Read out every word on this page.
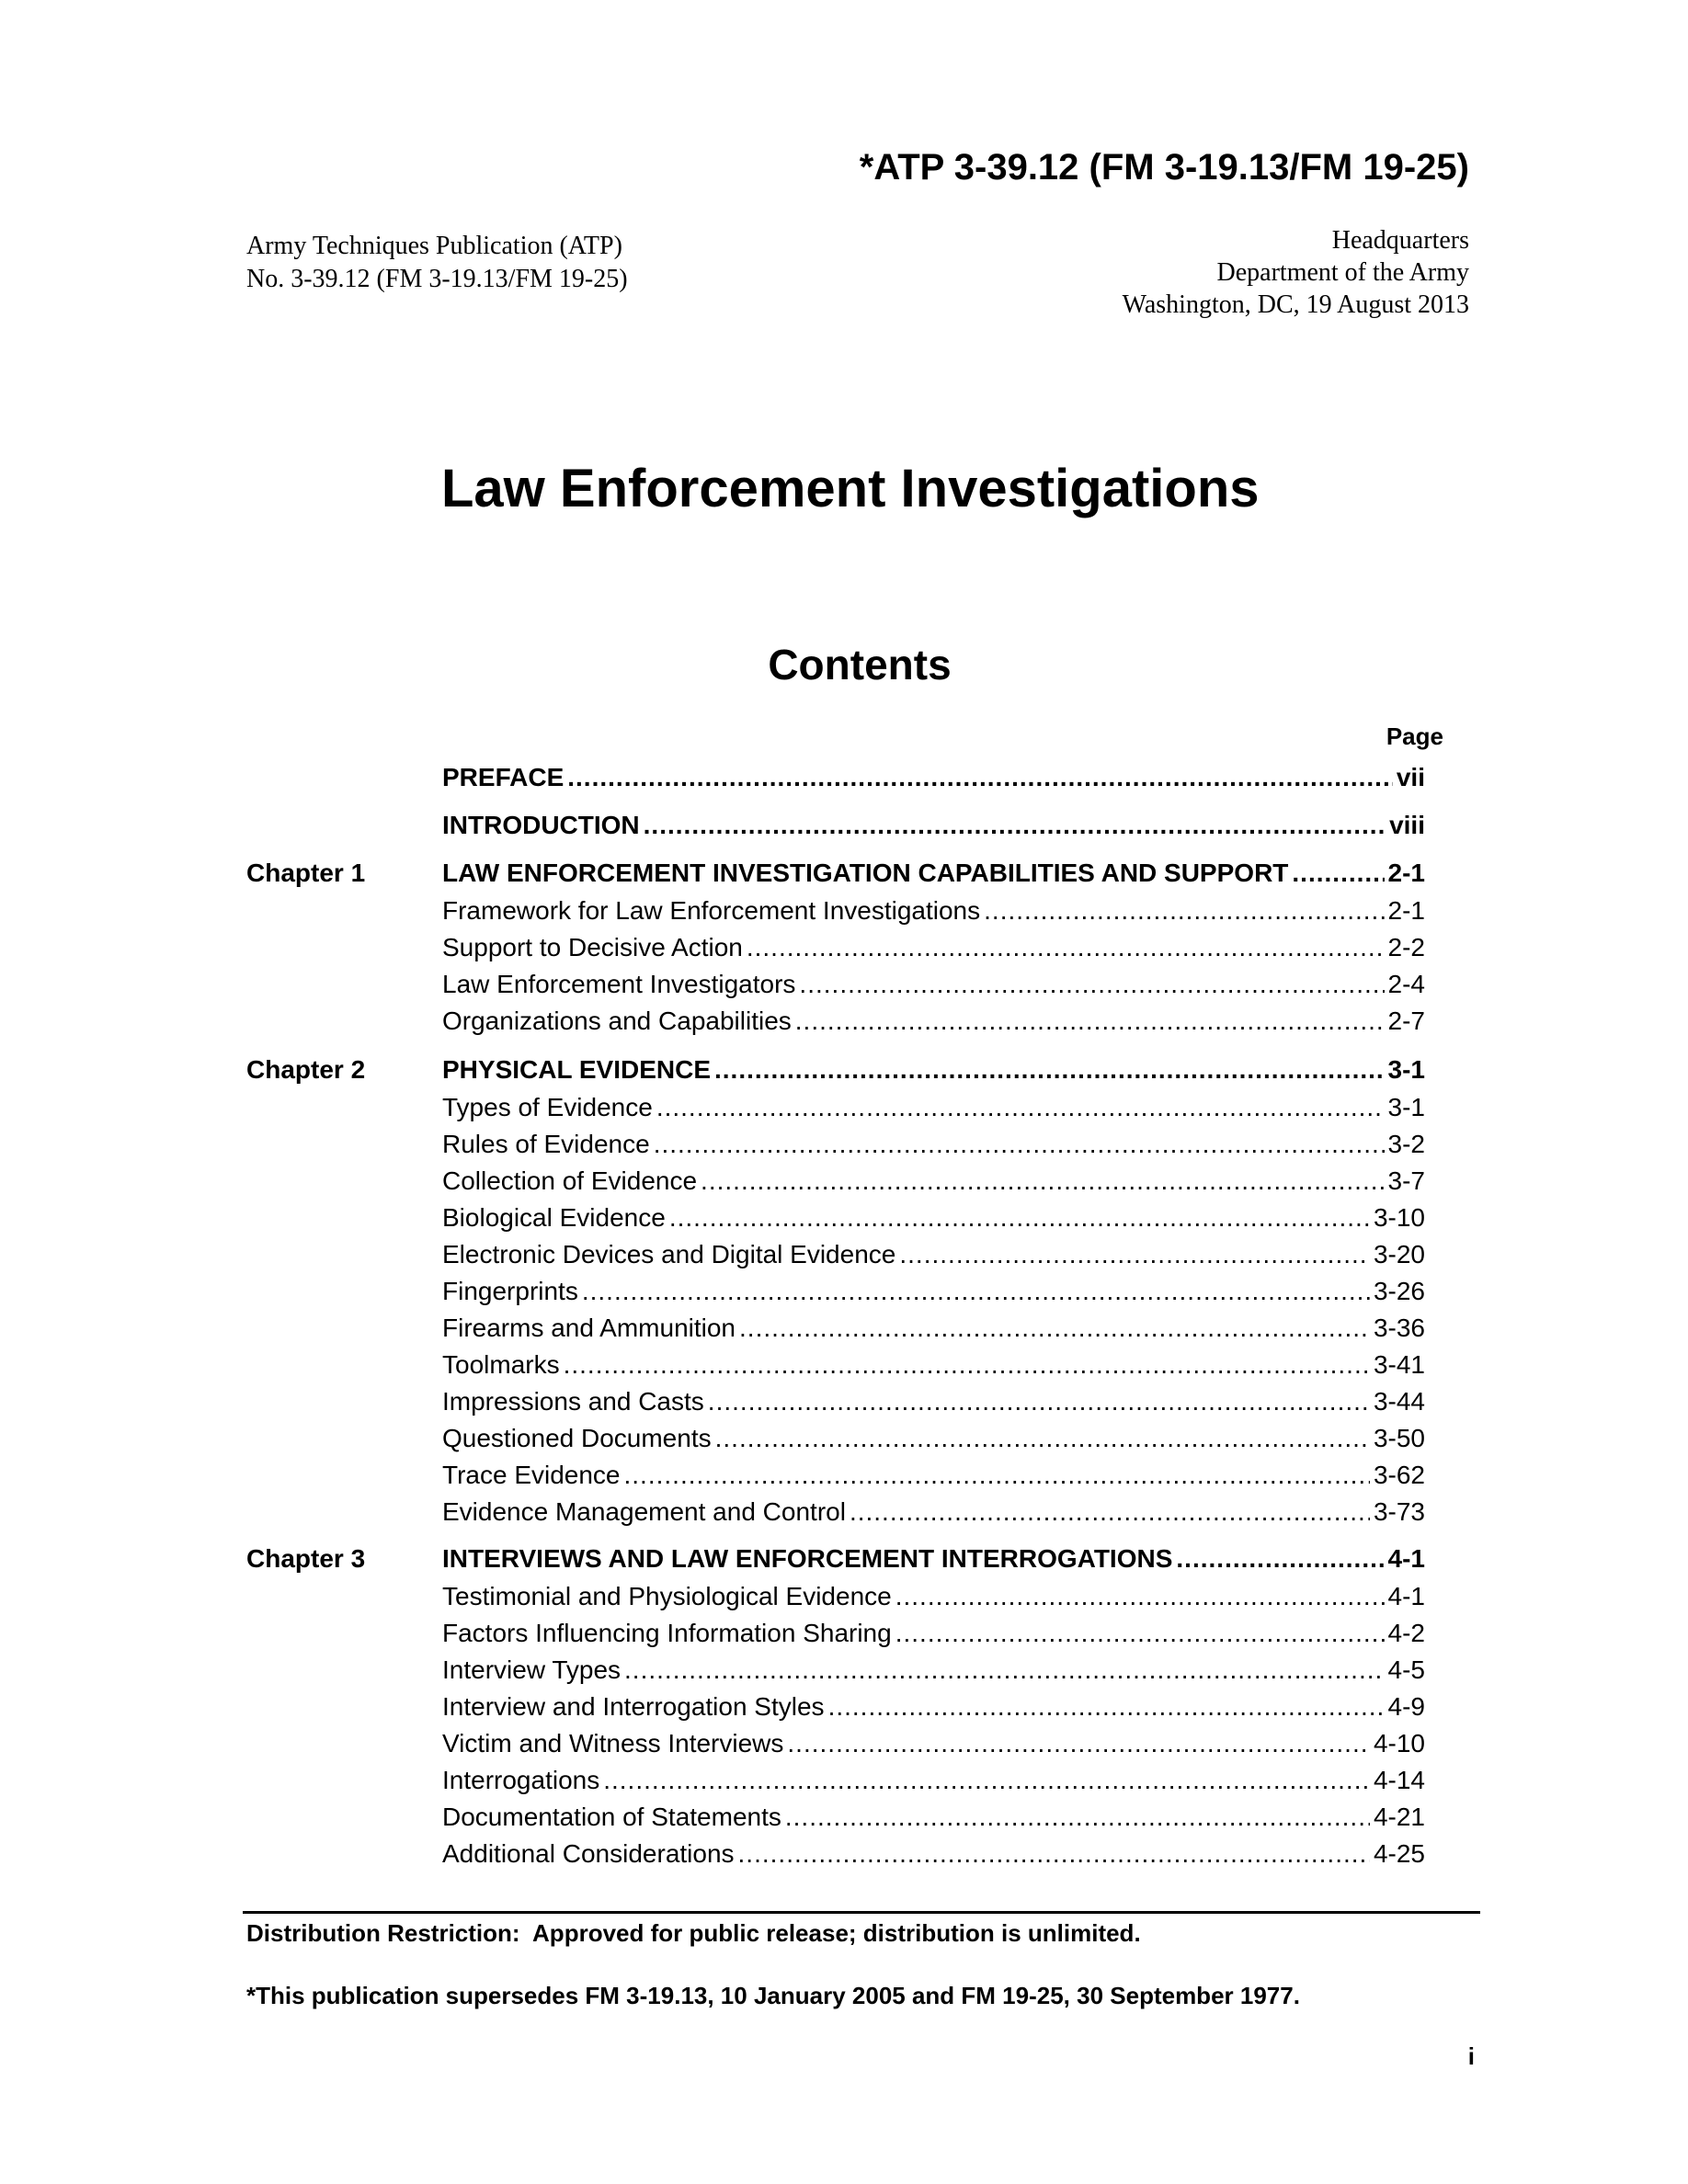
*ATP 3-39.12 (FM 3-19.13/FM 19-25)
Army Techniques Publication (ATP)
No. 3-39.12 (FM 3-19.13/FM 19-25)
Headquarters
Department of the Army
Washington, DC, 19 August 2013
Law Enforcement Investigations
Contents
Page
PREFACE .....	vii
INTRODUCTION .....	viii
Chapter 1	LAW ENFORCEMENT INVESTIGATION CAPABILITIES AND SUPPORT .....	2-1
Framework for Law Enforcement Investigations .....	2-1
Support to Decisive Action .....	2-2
Law Enforcement Investigators .....	2-4
Organizations and Capabilities .....	2-7
Chapter 2	PHYSICAL EVIDENCE .....	3-1
Types of Evidence .....	3-1
Rules of Evidence .....	3-2
Collection of Evidence .....	3-7
Biological Evidence .....	3-10
Electronic Devices and Digital Evidence .....	3-20
Fingerprints .....	3-26
Firearms and Ammunition .....	3-36
Toolmarks .....	3-41
Impressions and Casts .....	3-44
Questioned Documents .....	3-50
Trace Evidence .....	3-62
Evidence Management and Control .....	3-73
Chapter 3	INTERVIEWS AND LAW ENFORCEMENT INTERROGATIONS .....	4-1
Testimonial and Physiological Evidence .....	4-1
Factors Influencing Information Sharing .....	4-2
Interview Types .....	4-5
Interview and Interrogation Styles .....	4-9
Victim and Witness Interviews .....	4-10
Interrogations .....	4-14
Documentation of Statements .....	4-21
Additional Considerations .....	4-25
Distribution Restriction:  Approved for public release; distribution is unlimited.
*This publication supersedes FM 3-19.13, 10 January 2005 and FM 19-25, 30 September 1977.
i
